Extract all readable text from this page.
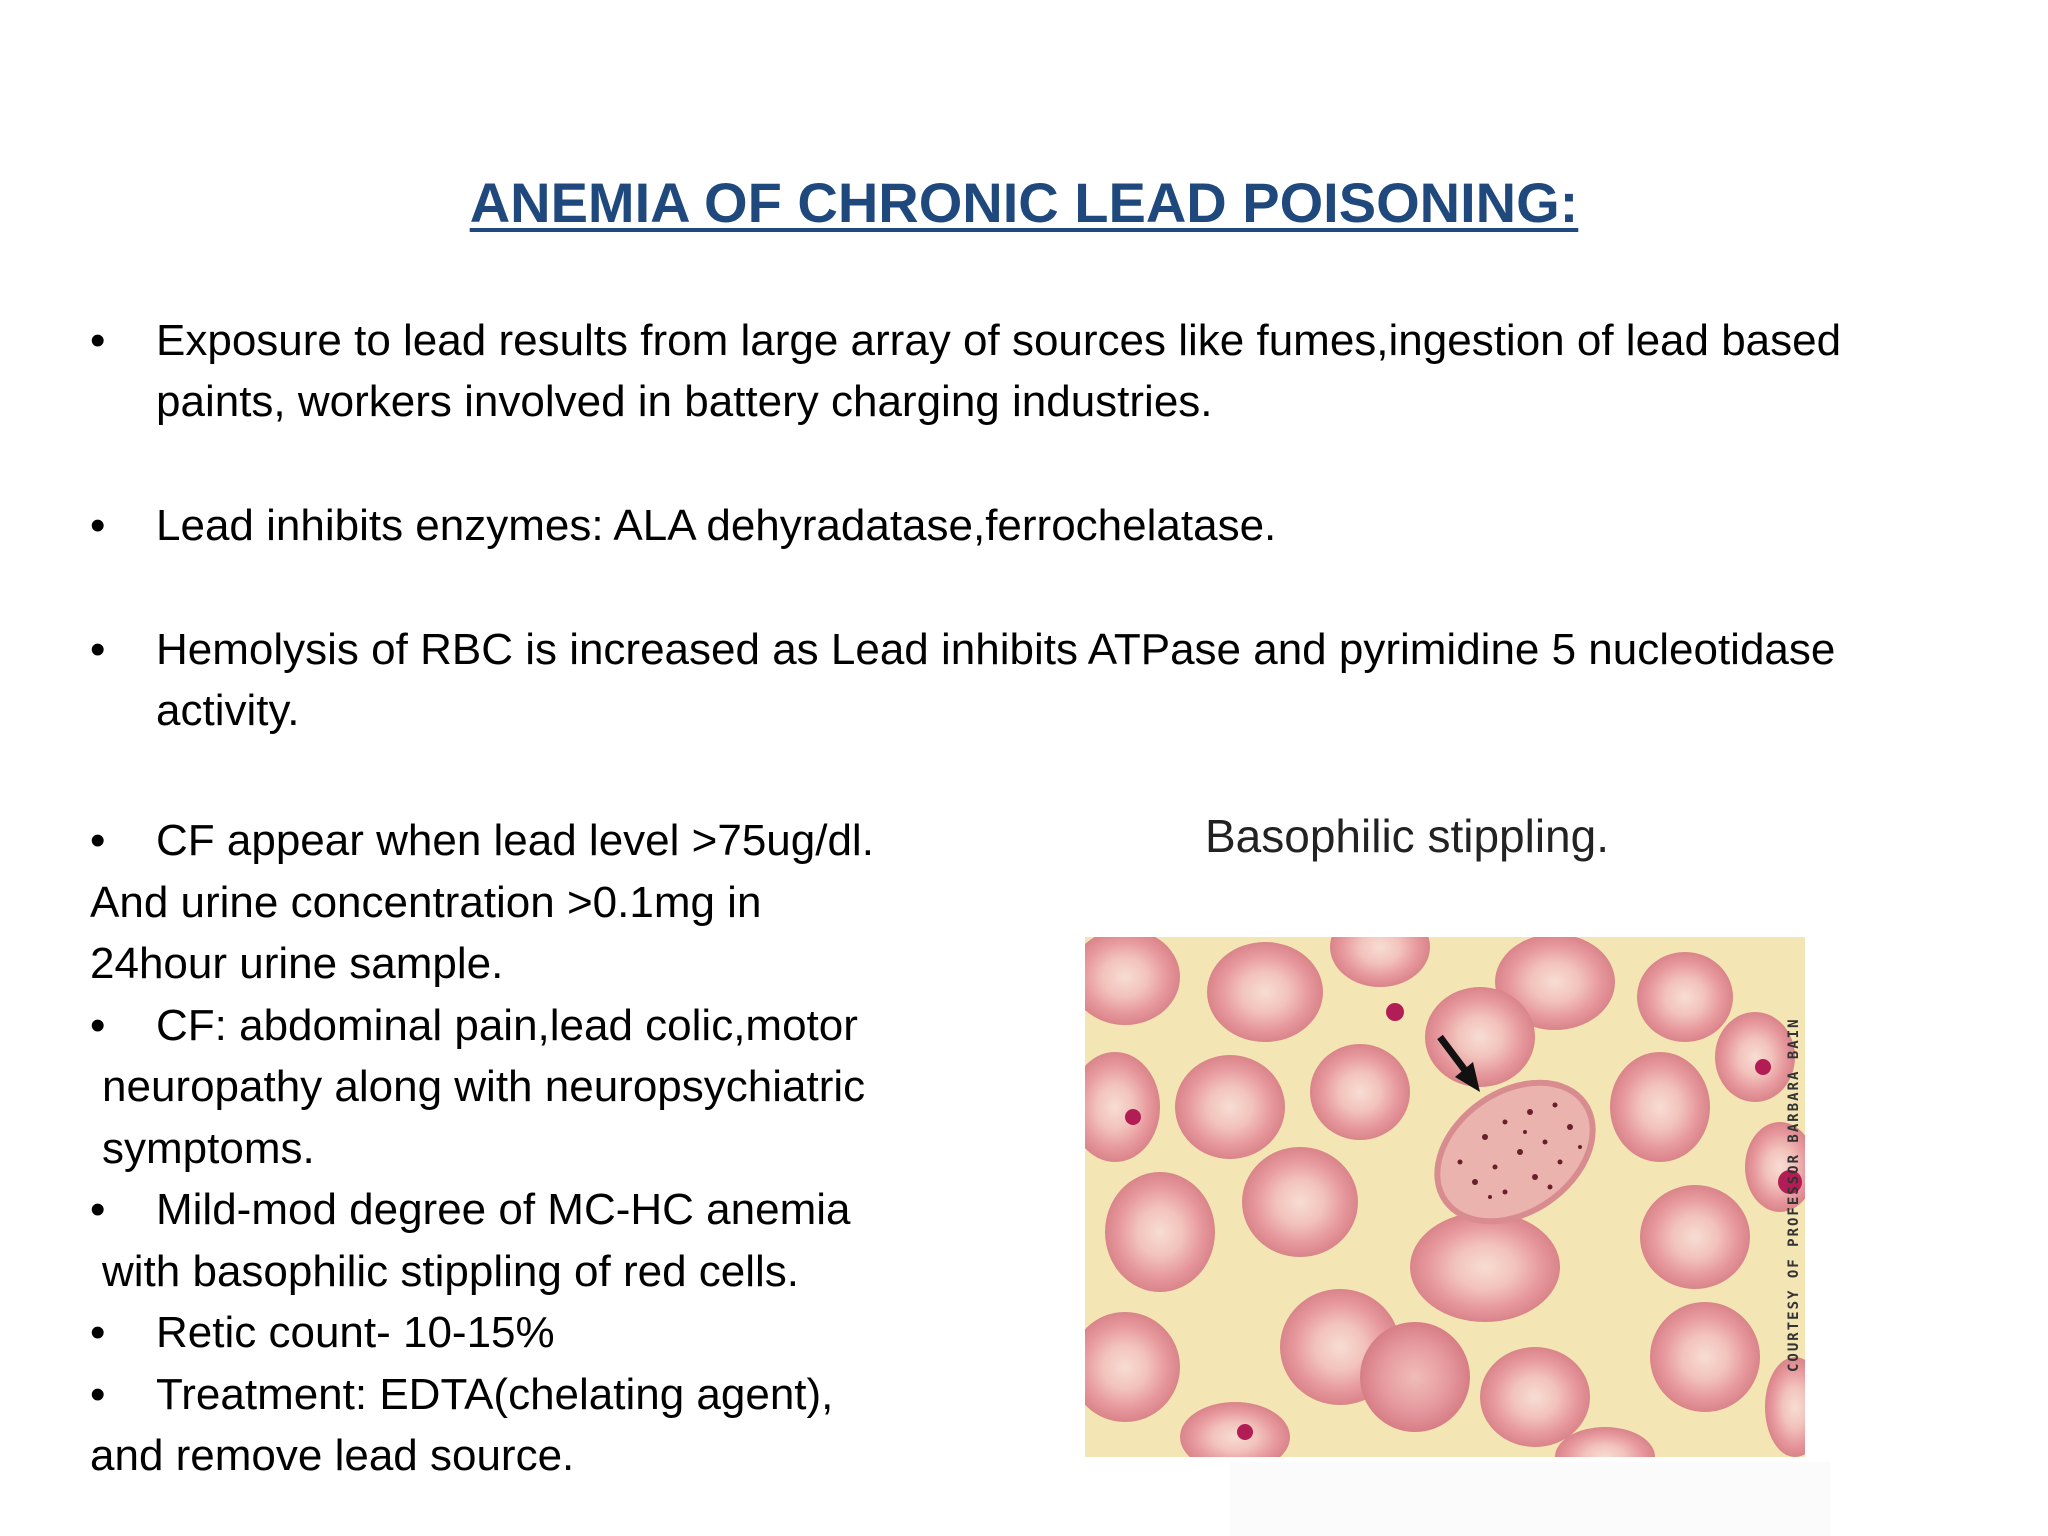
ANEMIA OF CHRONIC LEAD POISONING:
•	Exposure to lead results from large array of sources like fumes,ingestion of lead based
paints, workers involved in battery charging industries.
•	Lead inhibits enzymes: ALA dehyradatase,ferrochelatase.
•	Hemolysis of RBC is increased as Lead inhibits ATPase and pyrimidine 5 nucleotidase
activity.
•	CF appear when lead level >75ug/dl.
And urine concentration >0.1mg in
24hour urine sample.
•	CF: abdominal pain,lead colic,motor
neuropathy along with neuropsychiatric
symptoms.
•	Mild-mod degree of MC-HC anemia
with basophilic stippling of red cells.
•	Retic count- 10-15%
•	Treatment: EDTA(chelating agent),
and remove lead source.
Basophilic stippling.
COURTESY OF PROFESSOR BARBARA BAIN
